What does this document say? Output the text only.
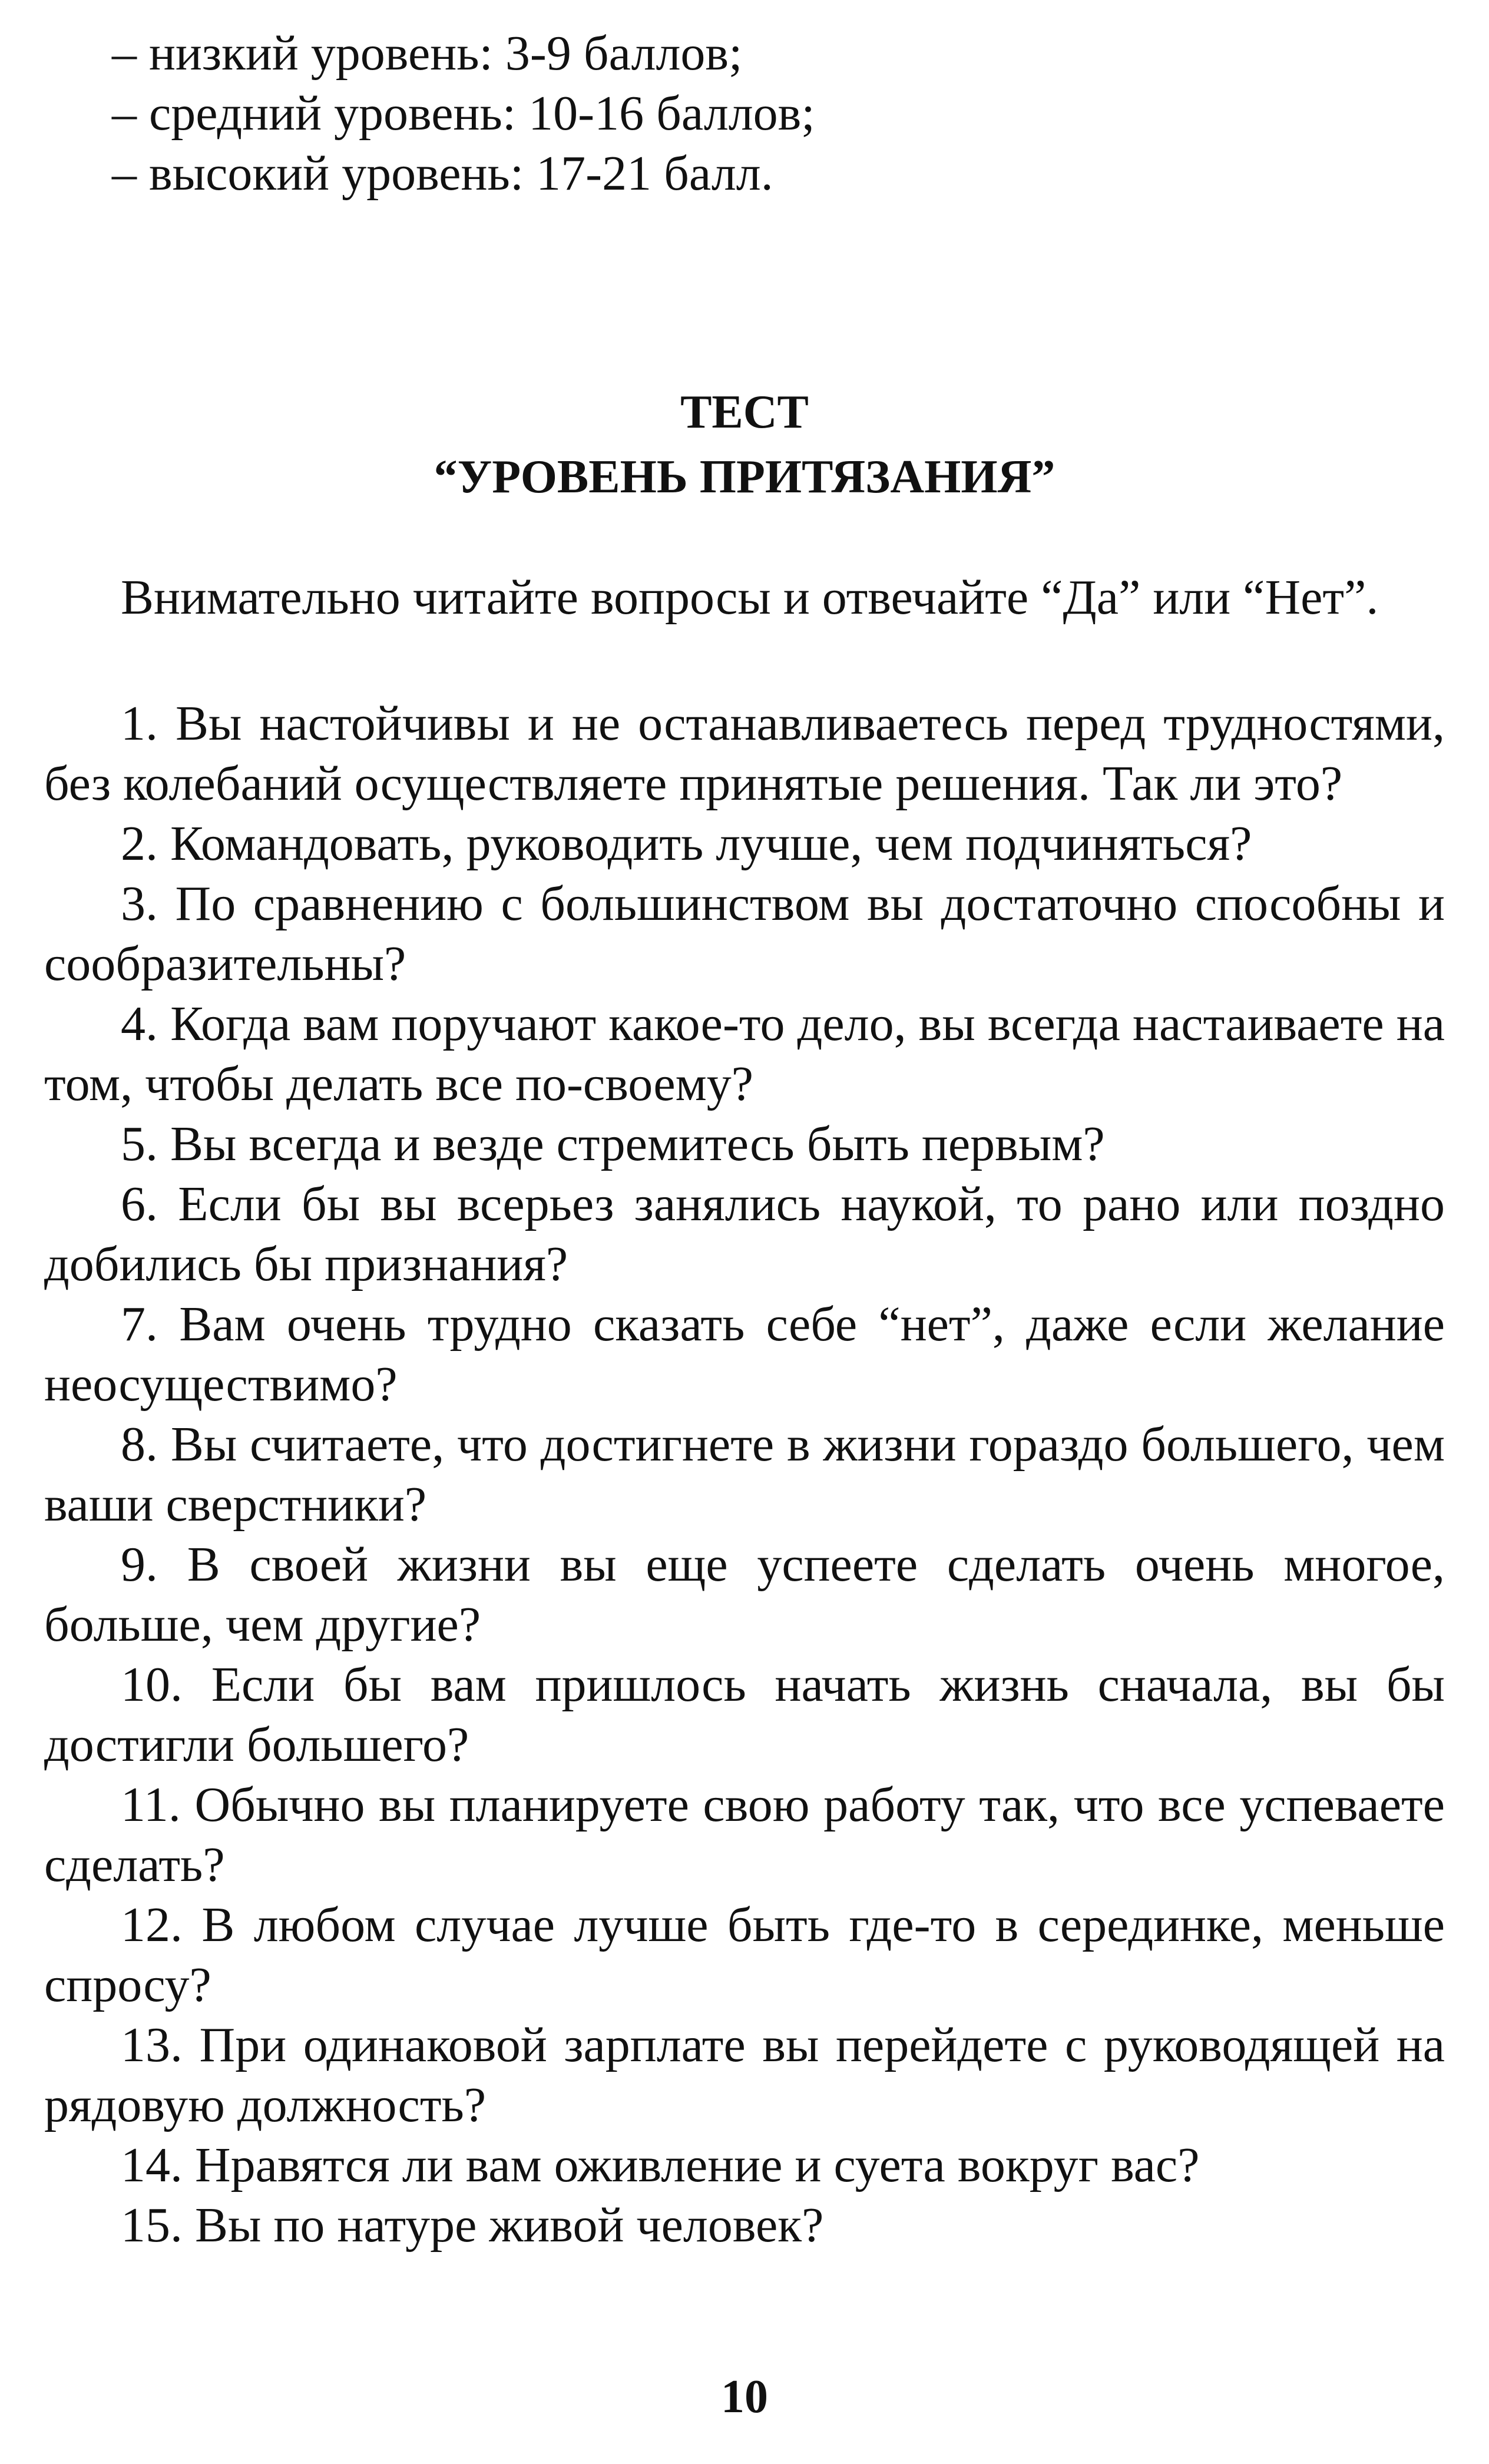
– низкий уровень: 3-9 баллов;
– средний уровень: 10-16 баллов;
– высокий уровень: 17-21 балл.
ТЕСТ
“УРОВЕНЬ ПРИТЯЗАНИЯ”
Внимательно читайте вопросы и отвечайте “Да” или “Нет”.

1. Вы настойчивы и не останавливаетесь перед трудностями, без колебаний осуществляете принятые решения. Так ли это?

2. Командовать, руководить лучше, чем подчиняться?

3. По сравнению с большинством вы достаточно способны и сообразительны?

4. Когда вам поручают какое-то дело, вы всегда настаиваете на том, чтобы делать все по-своему?

5. Вы всегда и везде стремитесь быть первым?

6. Если бы вы всерьез занялись наукой, то рано или поздно добились бы признания?

7. Вам очень трудно сказать себе “нет”, даже если желание неосуществимо?

8. Вы считаете, что достигнете в жизни гораздо большего, чем ваши сверстники?

9. В своей жизни вы еще успеете сделать очень многое, больше, чем другие?

10. Если бы вам пришлось начать жизнь сначала, вы бы достигли большего?

11. Обычно вы планируете свою работу так, что все успеваете сделать?

12. В любом случае лучше быть где-то в серединке, меньше спросу?

13. При одинаковой зарплате вы перейдете с руководящей на рядовую должность?

14. Нравятся ли вам оживление и суета вокруг вас?

15. Вы по натуре живой человек?

10
